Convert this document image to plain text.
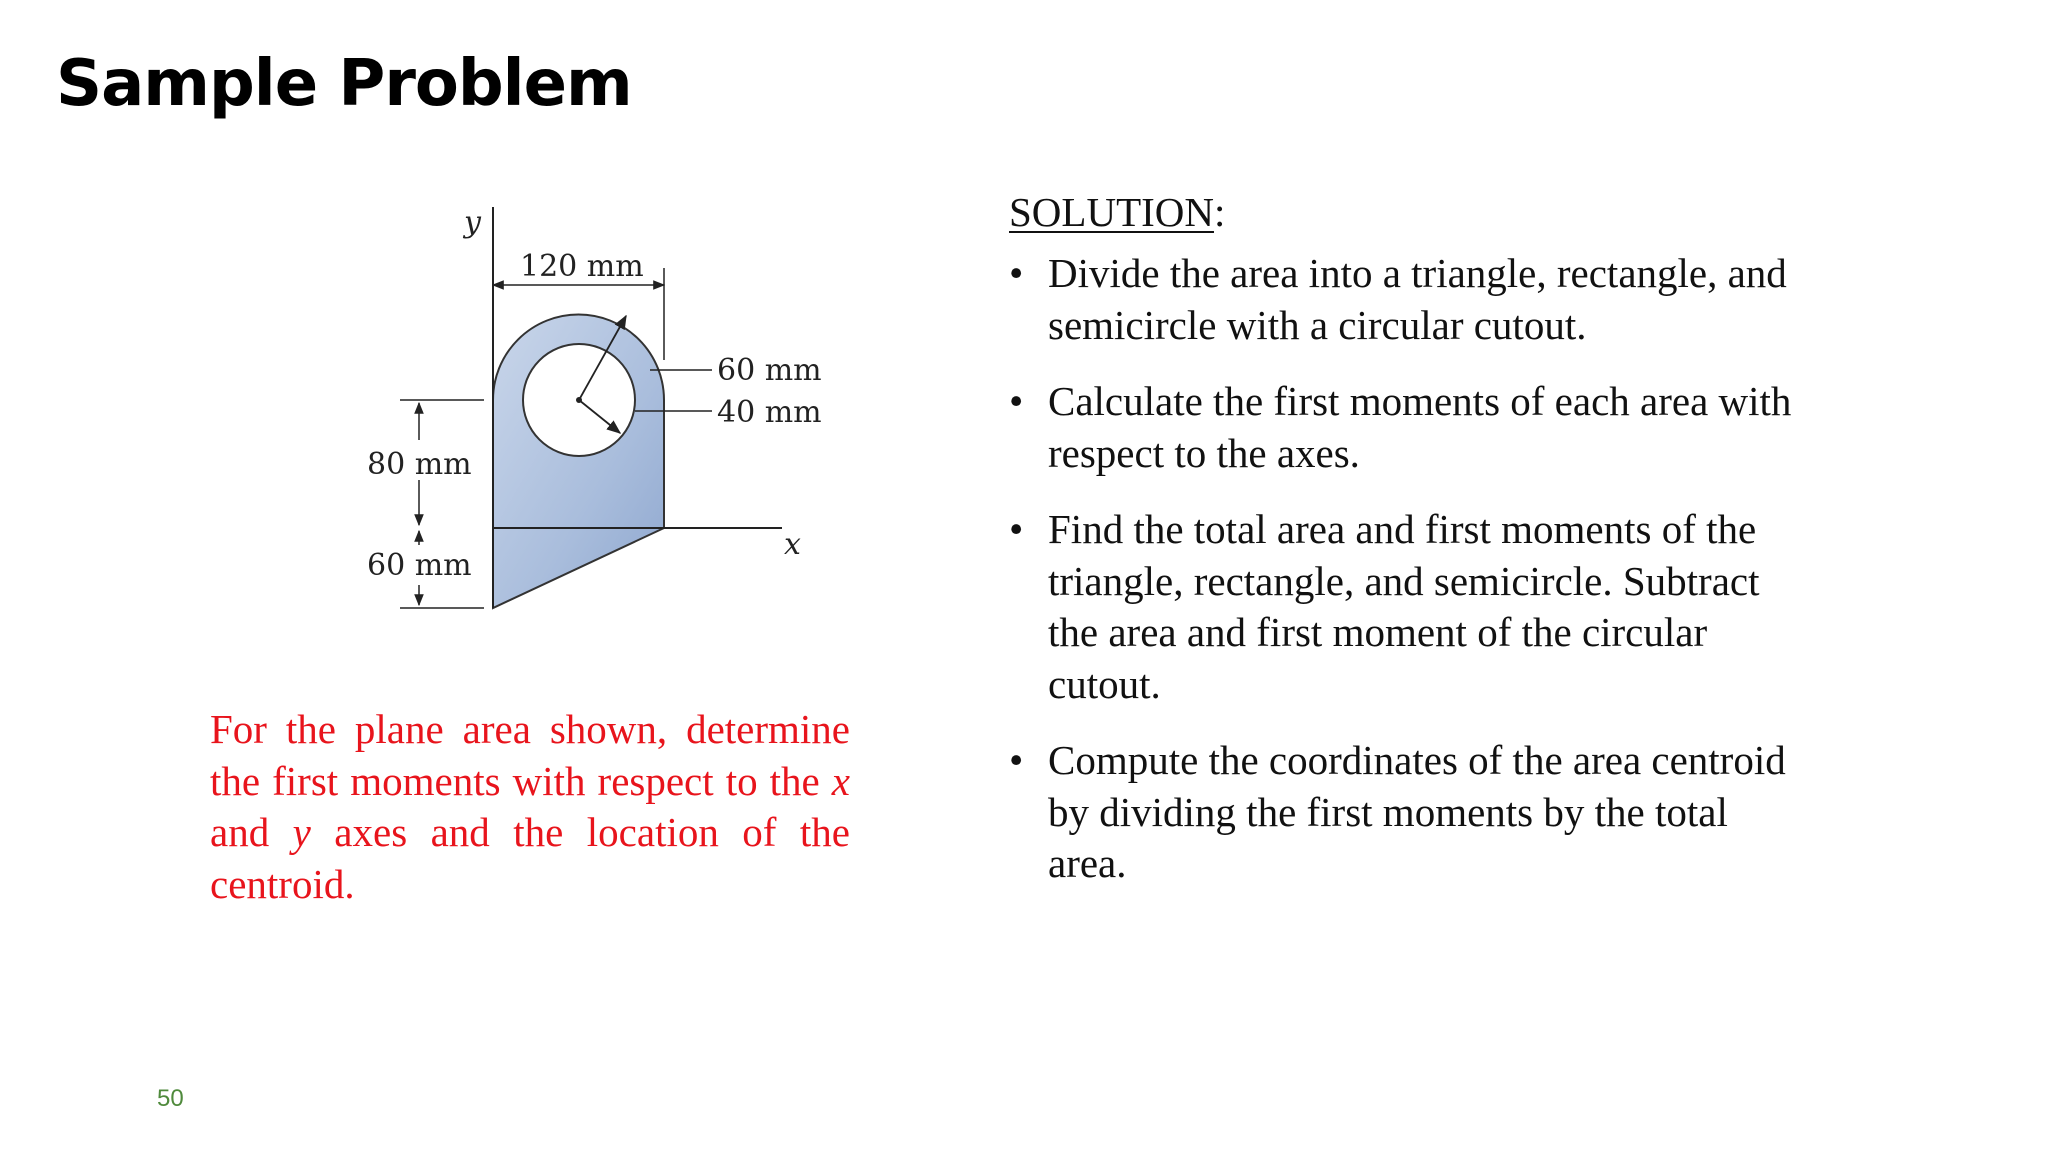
Sample Problem
y
x
120 mm
60 mm
40 mm
80 mm
60 mm

For the plane area shown, determine the first moments with respect to the x and y axes and the location of the centroid.

SOLUTION:

• Divide the area into a triangle, rectangle, and semicircle with a circular cutout.
• Calculate the first moments of each area with respect to the axes.
• Find the total area and first moments of the triangle, rectangle, and semicircle. Subtract the area and first moment of the circular cutout.
• Compute the coordinates of the area centroid by dividing the first moments by the total area.
50
